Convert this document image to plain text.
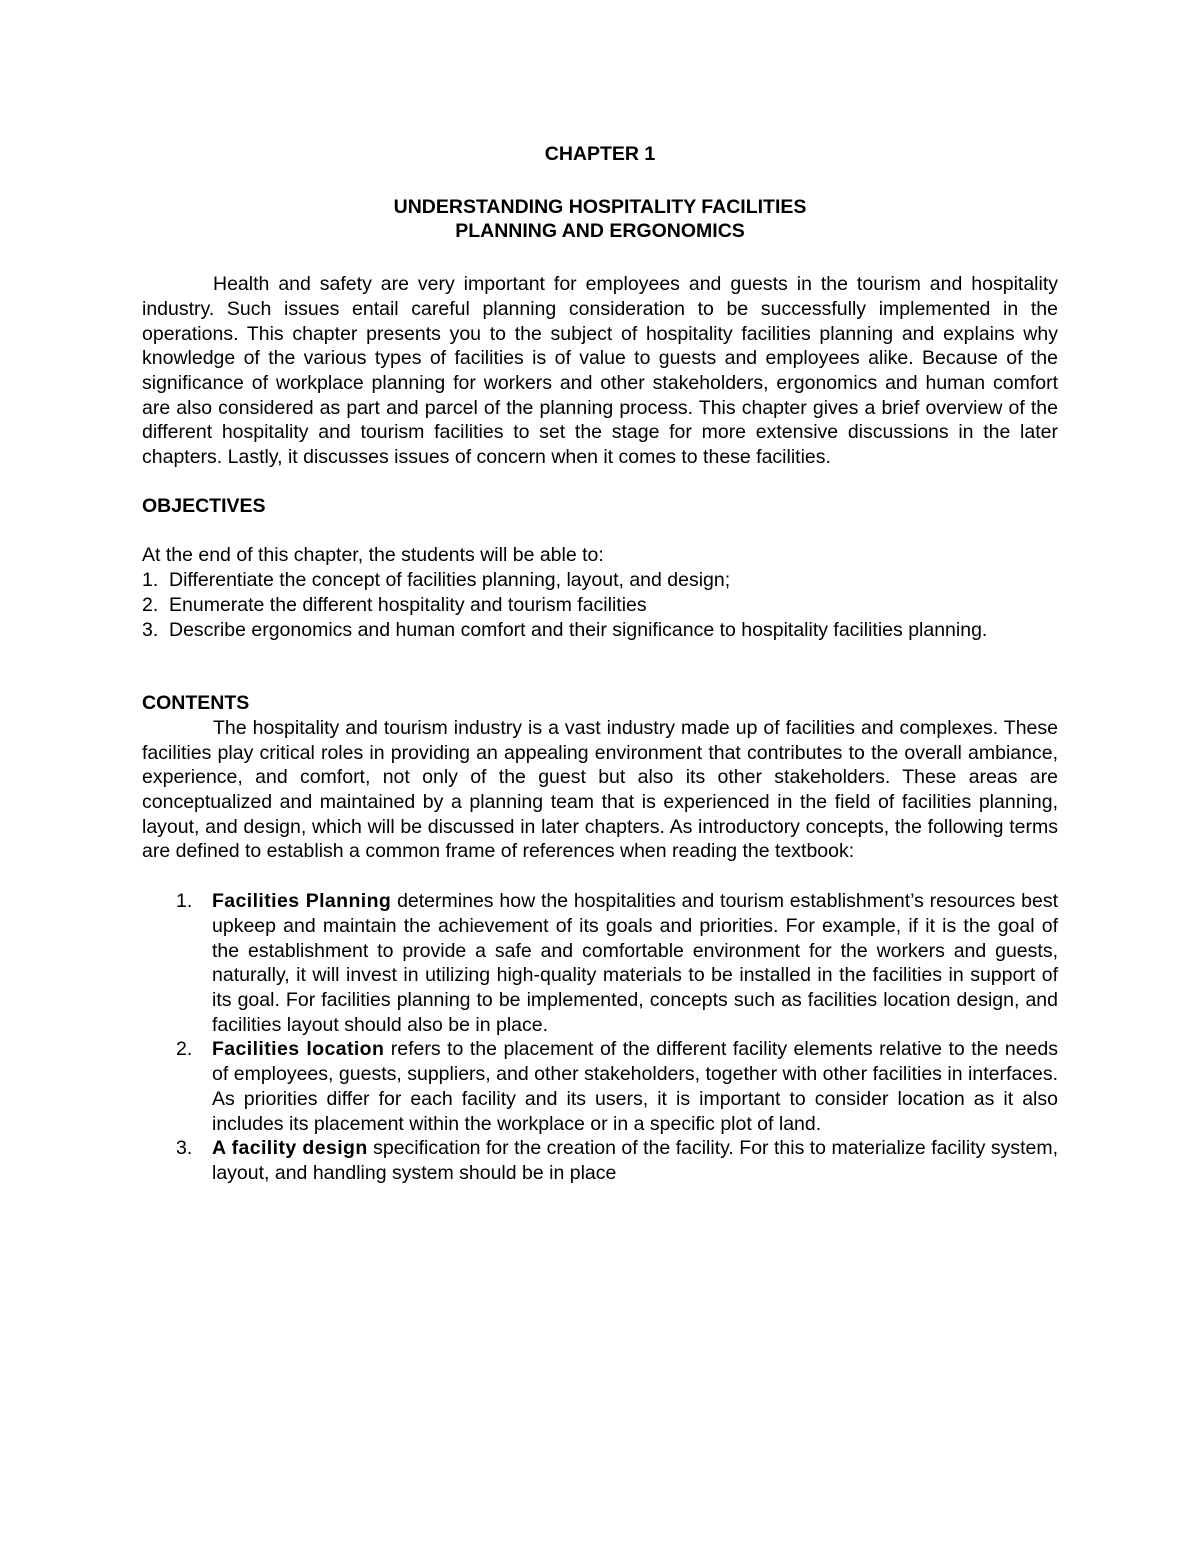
CHAPTER 1

UNDERSTANDING HOSPITALITY FACILITIES
PLANNING AND ERGONOMICS

Health and safety are very important for employees and guests in the tourism and hospitality industry. Such issues entail careful planning consideration to be successfully implemented in the operations. This chapter presents you to the subject of hospitality facilities planning and explains why knowledge of the various types of facilities is of value to guests and employees alike. Because of the significance of workplace planning for workers and other stakeholders, ergonomics and human comfort are also considered as part and parcel of the planning process. This chapter gives a brief overview of the different hospitality and tourism facilities to set the stage for more extensive discussions in the later chapters. Lastly, it discusses issues of concern when it comes to these facilities.

OBJECTIVES

At the end of this chapter, the students will be able to:

1. Differentiate the concept of facilities planning, layout, and design;
2. Enumerate the different hospitality and tourism facilities
3. Describe ergonomics and human comfort and their significance to hospitality facilities planning.

CONTENTS

The hospitality and tourism industry is a vast industry made up of facilities and complexes. These facilities play critical roles in providing an appealing environment that contributes to the overall ambiance, experience, and comfort, not only of the guest but also its other stakeholders. These areas are conceptualized and maintained by a planning team that is experienced in the field of facilities planning, layout, and design, which will be discussed in later chapters. As introductory concepts, the following terms are defined to establish a common frame of references when reading the textbook:

1.	Facilities Planning determines how the hospitalities and tourism establishment’s resources best upkeep and maintain the achievement of its goals and priorities. For example, if it is the goal of the establishment to provide a safe and comfortable environment for the workers and guests, naturally, it will invest in utilizing high-quality materials to be installed in the facilities in support of its goal. For facilities planning to be implemented, concepts such as facilities location design, and facilities layout should also be in place.
2.	Facilities location refers to the placement of the different facility elements relative to the needs of employees, guests, suppliers, and other stakeholders, together with other facilities in interfaces. As priorities differ for each facility and its users, it is important to consider location as it also includes its placement within the workplace or in a specific plot of land.
3.	A facility design specification for the creation of the facility. For this to materialize facility system, layout, and handling system should be in place
